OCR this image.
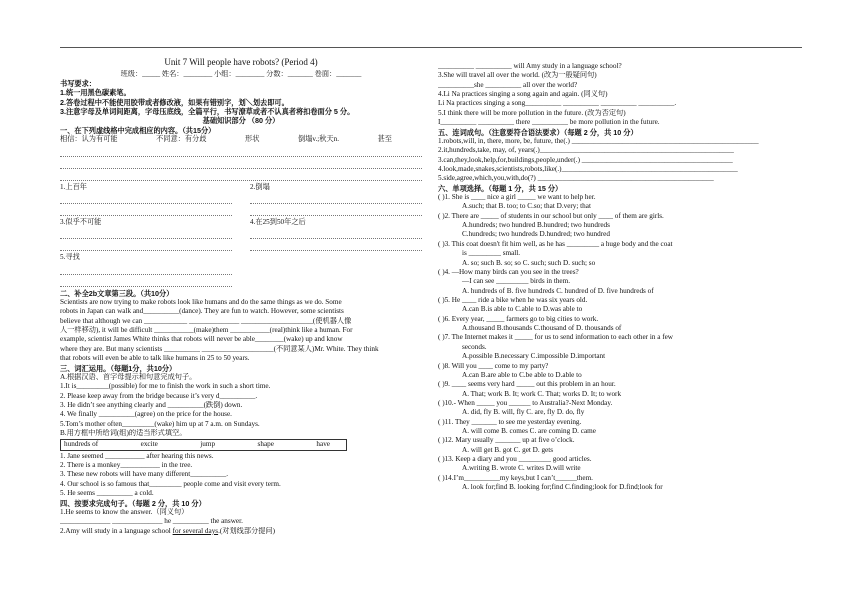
Unit 7 Will people have robots? (Period 4)
班级：_____ 姓名：________ 小组：________ 分数：_______ 卷面：_______
书写要求：
1.统一用黑色碳素笔。
2.答卷过程中不能使用胶带或者修改液，如果有错别字，划＼划去即可。
3.注意字母及单词间距离，字母压底线，全篇平行，书写潦草或者不认真者将扣卷面分 5 分。
基础知识部分 （80 分）
一、在下列虚线格中完成相应的内容。（共15分）
相信：认为有可能	不同意：有分歧	形状	倒塌v.;秋天n.	甚至
1.上百年	2.倒塌
3.似乎不可能	4.在25到50年之后
5.寻找
二、补全2b文章第三段。（共10分）
Scientists are now trying to make robots look like humans and do the same things as we do. Some
robots in Japan can walk and__________(dance). They are fun to watch. However, some scientists
believe that although we can ____________ ______________ ____________________(使机器人像
人一样移动), it will be difficult ___________(make)them ___________(real)think like a human. For
example, scientist James White thinks that robots will never be able________(wake) up and know
where they are. But many scientists __________ ____________________(不同意某人)Mr. White. They think
that robots will even be able to talk like humans in 25 to 50 years.
三、词汇运用。（每题1分，共10分）
A.根据汉语、首字母提示和句意完成句子。
1.It is_________(possible) for me to finish the work in such a short time.
2. Please keep away from the bridge because it’s very d__________.
3. He didn’t see anything clearly and __________(跌倒) down.
4. We finally __________(agree) on the price for the house.
5.Tom’s mother often_________(wake) him up at 7 a.m. on Sundays.
B.用方框中所给词(组)的适当形式填空。
hundreds of	excite	jump	shape	have
1. Jane seemed ___________ after hearing this news.
2. There is a monkey___________ in the tree.
3. These new robots will have many different__________.
4. Our school is so famous that_________ people come and visit every term.
5. He seems __________ a cold.
四、按要求完成句子。（每题 2 分，共 10 分）
1.He seems to know the answer.（同义句）
______________ ______________ he __________ the answer.
2.Amy will study in a language school for several days.(对划线部分提问)
__________ __________ will Amy study in a language school?
3.She will travel all over the world. (改为一般疑问句)
__________she __________ all over the world?
4.Li Na practices singing a song again and again. (同义句)
Li Na practices singing a song__________ __________ __________ __________.
5.I think there will be more pollution in the future. (改为否定句)
I__________ __________ there __________ be more pollution in the future.
五、连词成句。（注意要符合语法要求）（每题 2 分，共 10 分）
1.robots,will, in, there, more, be, future, the(.) ____________________________________________________
2.it,hundreds,take, may, of, years(.)______________________________________________________
3.can,they,look,help,for,buildings,people,under(.) __________________________________________
4.look,made,snakes,scientists,robots,like(.)_________________________________________________
5.side,agree,which,you,with,do(?) _________________________________________________
六、单项选择。（每题 1 分，共 15 分）
( )1. She is ____ nice a girl _____ we want to help her.
A.such; that B. too; to C.so; that D.very; that
( )2. There are _____ of students in our school but only ____ of them are girls.
A.hundreds; two hundred B.hundred; two hundreds
C.hundreds; two hundreds D.hundred; two hundred
( )3. This coat doesn't fit him well, as he has _________ a huge body and the coat
is _________ small.
A. so; such B. so; so C. such; such D. such; so
( )4. —How many birds can you see in the trees?
—I can see _________ birds in them.
A. hundreds of B. five hundreds C. hundred of D. five hundreds of
( )5. He ____ ride a bike when he was six years old.
A.can B.is able to C.able to D.was able to
( )6. Every year, _____ farmers go to big cities to work.
A.thousand B.thousands C.thousand of D. thousands of
( )7. The Internet makes it _____ for us to send information to each other in a few
seconds.
A.possible B.necessary C.impossible D.important
( )8. Will you ____ come to my party?
A.can B.are able to C.be able to D.able to
( )9. ____ seems very hard _____ out this problem in an hour.
A. That; work B. It; work C. That; works D. It; to work
( )10.- When _____ you ______ to Australia?-Next Monday.
A. did, fly B. will, fly C. are, fly D. do, fly
( )11. They _______ to see me yesterday evening.
A. will come B. comes C. are coming D. came
( )12. Mary usually _______ up at five o’clock.
A. will get B. got C. get D. gets
( )13. Keep a diary and you _________ good articles.
A.writing B. wrote C. writes D.will write
( )14.I’m__________my keys,but I can’t______them.
A. look for;find B. looking for;find C.finding;look for D.find;look for
